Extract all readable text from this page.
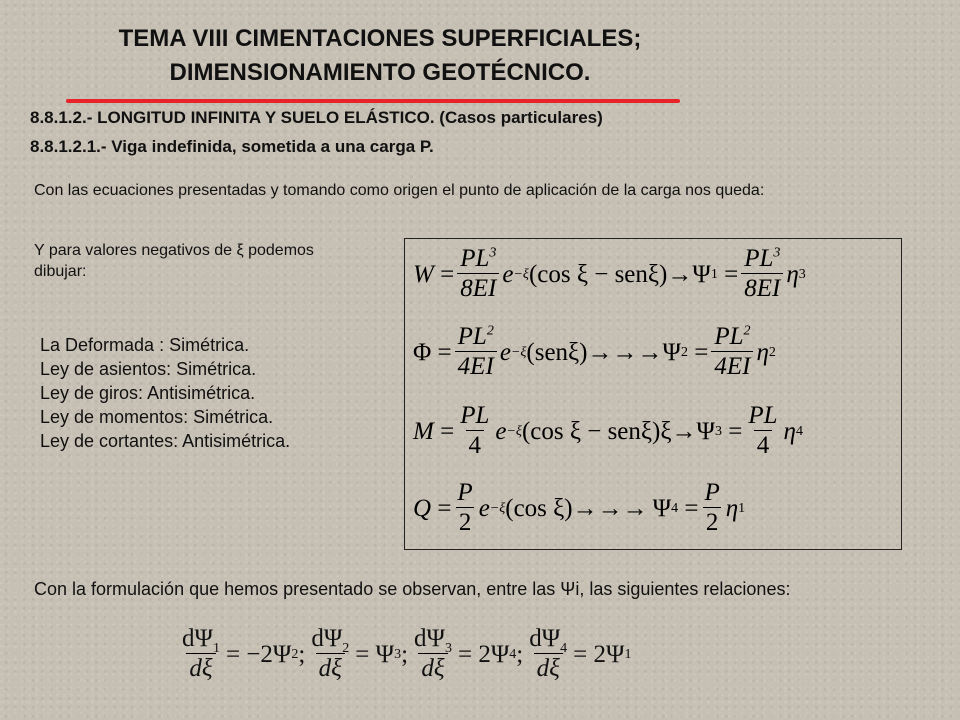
TEMA VIII CIMENTACIONES SUPERFICIALES;
DIMENSIONAMIENTO GEOTÉCNICO.
8.8.1.2.- LONGITUD INFINITA Y SUELO ELÁSTICO. (Casos particulares)
8.8.1.2.1.- Viga indefinida, sometida a una carga P.
Con las ecuaciones presentadas y tomando como origen el punto de aplicación de la carga nos queda:
Y para valores negativos de ξ podemos dibujar:
La Deformada : Simétrica.
Ley de asientos: Simétrica.
Ley de giros: Antisimétrica.
Ley de momentos: Simétrica.
Ley de cortantes: Antisimétrica.
$W = \frac{PL^3}{8EI}$ e −ξ (cos ξ − senξ) → Ψ $1 = \frac{PL^3}{8EI}$ η 3
$\Phi = \frac{PL^2}{4EI}$ e −ξ (senξ) →→→ Ψ $2 = \frac{PL^2}{4EI}$ η 2
$M = \frac{PL}{4}$ e −ξ (cos ξ − senξ)ξ → Ψ $3 = \frac{PL}{4}$ η 4
$Q = \frac{P}{2}$ e −ξ (cos ξ) →→→ Ψ $4 = \frac{P}{2}$ η 1
Con la formulación que hemos presentado se observan, entre las Ψi, las siguientes relaciones:
$\frac{d\Psi_1}{d\xi} = -2\Psi$ 2 ; $\frac{d\Psi_2}{d\xi} = \Psi$ 3 ; $\frac{d\Psi_3}{d\xi} = 2\Psi$ 4 ; $\frac{d\Psi_4}{d\xi} = 2\Psi$ 1
